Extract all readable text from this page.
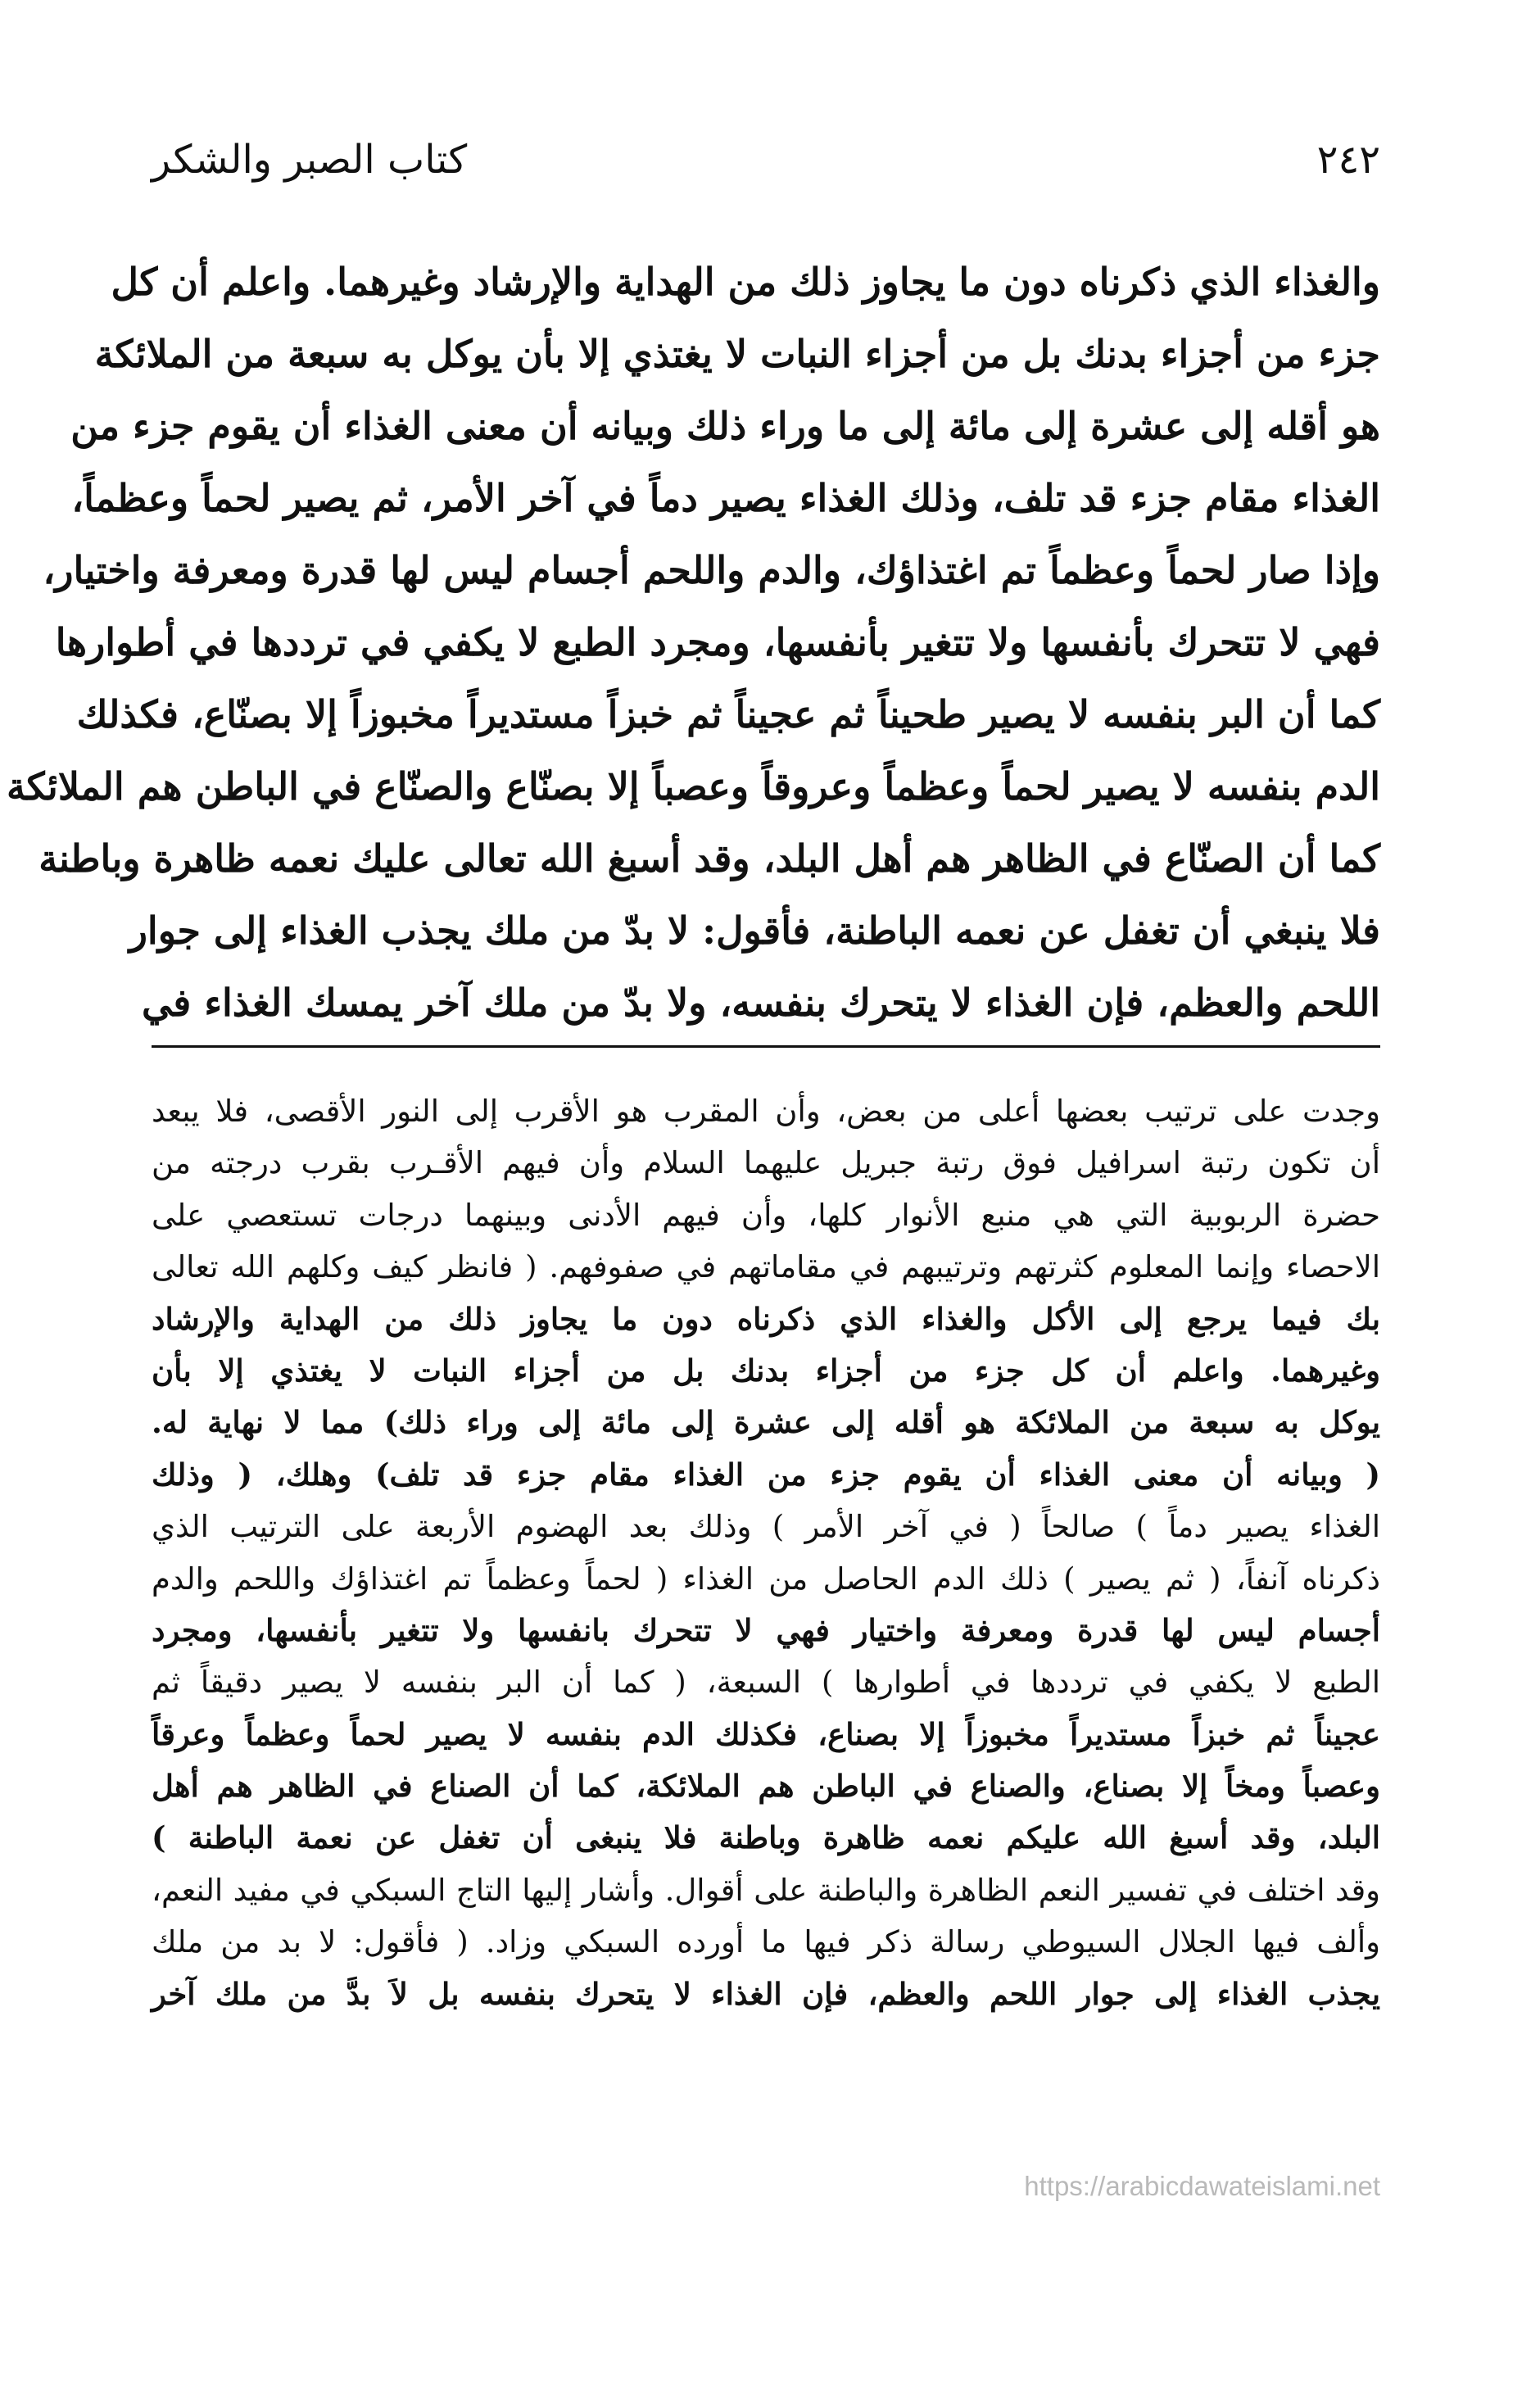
٢٤٢
كتاب الصبر والشكر
والغذاء الذي ذكرناه دون ما يجاوز ذلك من الهداية والإرشاد وغيرهما. واعلم أن كل
جزء من أجزاء بدنك بل من أجزاء النبات لا يغتذي إلا بأن يوكل به سبعة من الملائكة
هو أقله إلى عشرة إلى مائة إلى ما وراء ذلك وبيانه أن معنى الغذاء أن يقوم جزء من
الغذاء مقام جزء قد تلف، وذلك الغذاء يصير دماً في آخر الأمر، ثم يصير لحماً وعظماً،
وإذا صار لحماً وعظماً تم اغتذاؤك، والدم واللحم أجسام ليس لها قدرة ومعرفة واختيار،
فهي لا تتحرك بأنفسها ولا تتغير بأنفسها، ومجرد الطبع لا يكفي في ترددها في أطوارها
كما أن البر بنفسه لا يصير طحيناً ثم عجيناً ثم خبزاً مستديراً مخبوزاً إلا بصنّاع، فكذلك
الدم بنفسه لا يصير لحماً وعظماً وعروقاً وعصباً إلا بصنّاع والصنّاع في الباطن هم الملائكة
كما أن الصنّاع في الظاهر هم أهل البلد، وقد أسبغ الله تعالى عليك نعمه ظاهرة وباطنة
فلا ينبغي أن تغفل عن نعمه الباطنة، فأقول: لا بدّ من ملك يجذب الغذاء إلى جوار
اللحم والعظم، فإن الغذاء لا يتحرك بنفسه، ولا بدّ من ملك آخر يمسك الغذاء في
وجدت على ترتيب بعضها أعلى من بعض، وأن المقرب هو الأقرب إلى النور الأقصى، فلا يبعد
أن تكون رتبة اسرافيل فوق رتبة جبريل عليهما السلام وأن فيهم الأقـرب بقرب درجته من
حضرة الربوبية التي هي منبع الأنوار كلها، وأن فيهم الأدنى وبينهما درجات تستعصي على
الاحصاء وإنما المعلوم كثرتهم وترتيبهم في مقاماتهم في صفوفهم. ( فانظر كيف وكلهم الله تعالى
بك فيما يرجع إلى الأكل والغذاء الذي ذكرناه دون ما يجاوز ذلك من الهداية والإرشاد
وغيرهما. واعلم أن كل جزء من أجزاء بدنك بل من أجزاء النبات لا يغتذي إلا بأن
يوكل به سبعة من الملائكة هو أقله إلى عشرة إلى مائة إلى وراء ذلك) مما لا نهاية له.
( وبيانه أن معنى الغذاء أن يقوم جزء من الغذاء مقام جزء قد تلف) وهلك، ( وذلك
الغذاء يصير دماً ) صالحاً ( في آخر الأمر ) وذلك بعد الهضوم الأربعة على الترتيب الذي
ذكرناه آنفاً، ( ثم يصير ) ذلك الدم الحاصل من الغذاء ( لحماً وعظماً تم اغتذاؤك واللحم والدم
أجسام ليس لها قدرة ومعرفة واختيار فهي لا تتحرك بانفسها ولا تتغير بأنفسها، ومجرد
الطبع لا يكفي في ترددها في أطوارها ) السبعة، ( كما أن البر بنفسه لا يصير دقيقاً ثم
عجيناً ثم خبزاً مستديراً مخبوزاً إلا بصناع، فكذلك الدم بنفسه لا يصير لحماً وعظماً وعرقاً
وعصباً ومخاً إلا بصناع، والصناع في الباطن هم الملائكة، كما أن الصناع في الظاهر هم أهل
البلد، وقد أسبغ الله عليكم نعمه ظاهرة وباطنة فلا ينبغى أن تغفل عن نعمة الباطنة )
وقد اختلف في تفسير النعم الظاهرة والباطنة على أقوال. وأشار إليها التاج السبكي في مفيد النعم،
وألف فيها الجلال السيوطي رسالة ذكر فيها ما أورده السبكي وزاد. ( فأقول: لا بد من ملك
يجذب الغذاء إلى جوار اللحم والعظم، فإن الغذاء لا يتحرك بنفسه بل لاَ بدَّ من ملك آخر
https://arabicdawateislami.net
